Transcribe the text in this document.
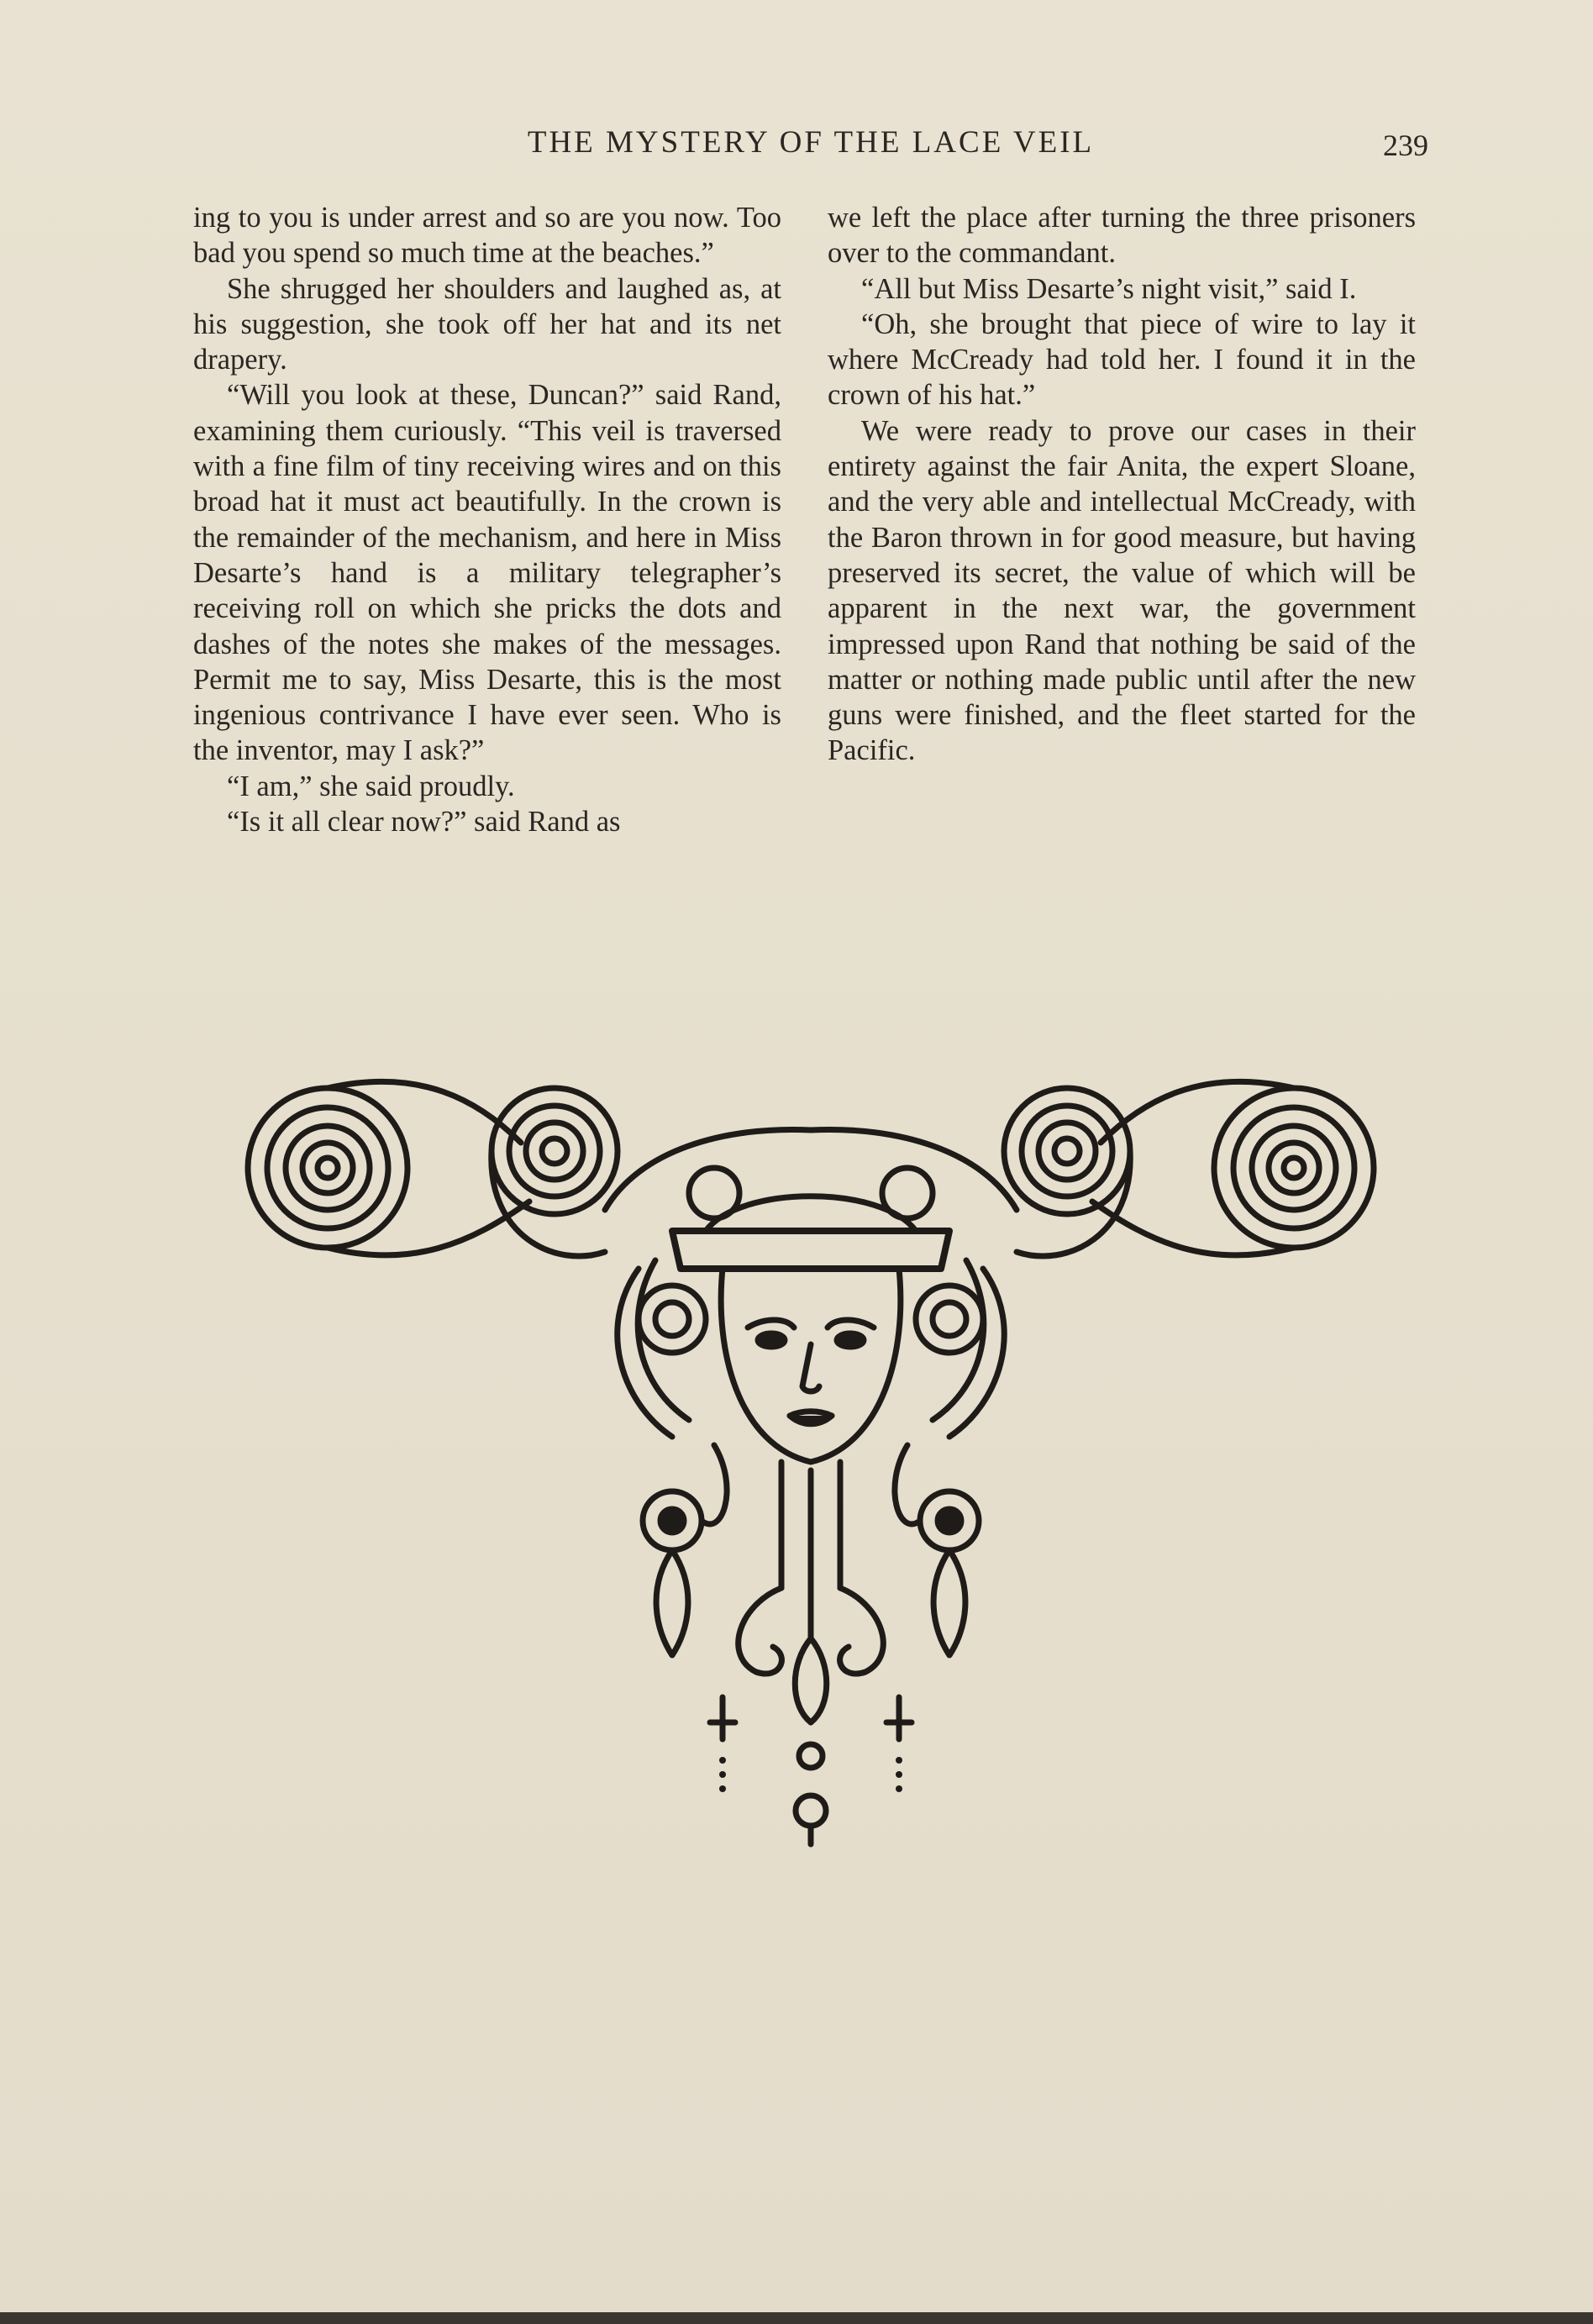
THE MYSTERY OF THE LACE VEIL	239

ing to you is under arrest and so are you now. Too bad you spend so much time at the beaches.”

She shrugged her shoulders and laughed as, at his suggestion, she took off her hat and its net drapery.

“Will you look at these, Duncan?” said Rand, examining them curiously. “This veil is traversed with a fine film of tiny receiving wires and on this broad hat it must act beautifully. In the crown is the remainder of the mechanism, and here in Miss Desarte’s hand is a military telegrapher’s receiving roll on which she pricks the dots and dashes of the notes she makes of the messages. Permit me to say, Miss Desarte, this is the most ingenious contrivance I have ever seen. Who is the inventor, may I ask?”

“I am,” she said proudly.

“Is it all clear now?” said Rand as

we left the place after turning the three prisoners over to the commandant.

“All but Miss Desarte’s night visit,” said I.

“Oh, she brought that piece of wire to lay it where McCready had told her. I found it in the crown of his hat.”

We were ready to prove our cases in their entirety against the fair Anita, the expert Sloane, and the very able and intellectual McCready, with the Baron thrown in for good measure, but having preserved its secret, the value of which will be apparent in the next war, the government impressed upon Rand that nothing be said of the matter or nothing made public until after the new guns were finished, and the fleet started for the Pacific.
